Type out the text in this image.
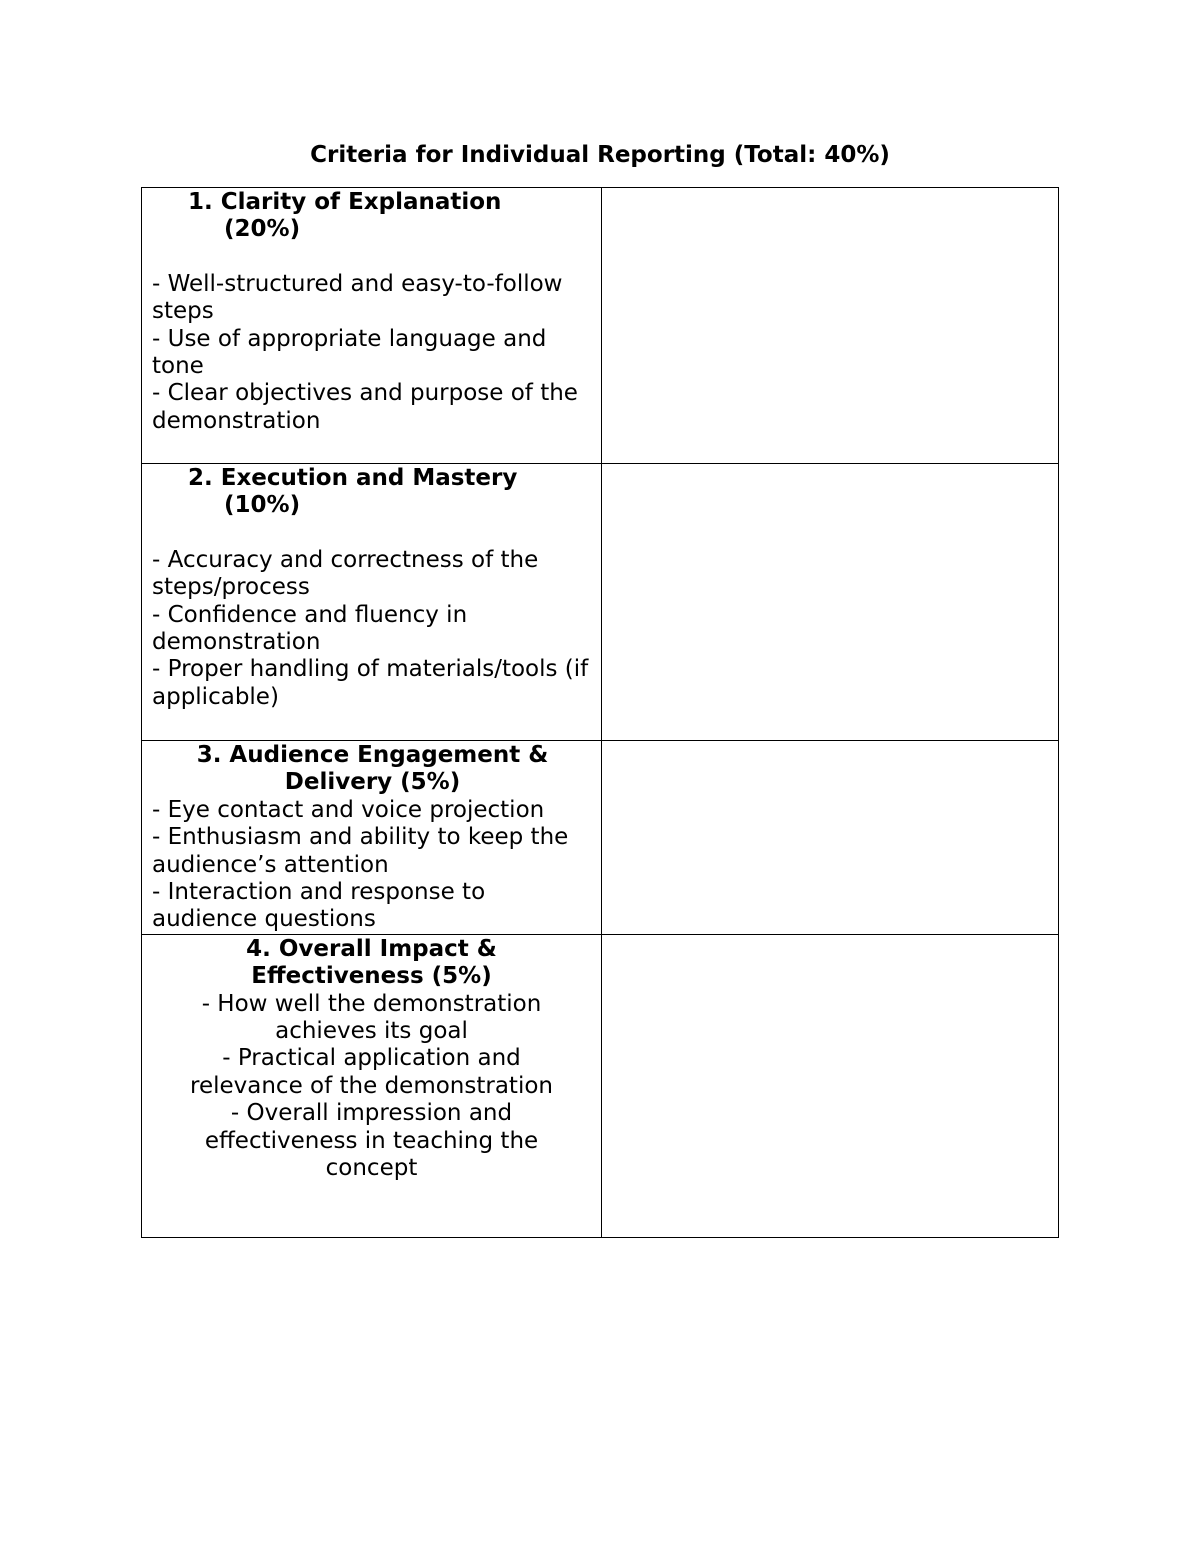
Criteria for Individual Reporting (Total: 40%)
1. Clarity of Explanation
(20%)
- Well-structured and easy-to-follow steps
- Use of appropriate language and tone
- Clear objectives and purpose of the demonstration	

2. Execution and Mastery
(10%)
- Accuracy and correctness of the steps/process
- Confidence and fluency in demonstration
- Proper handling of materials/tools (if applicable)	

3. Audience Engagement &
Delivery (5%)
- Eye contact and voice projection
- Enthusiasm and ability to keep the audience’s attention
- Interaction and response to audience questions	

4. Overall Impact &
Effectiveness (5%)
- How well the demonstration achieves its goal
- Practical application and relevance of the demonstration
- Overall impression and effectiveness in teaching the concept	
